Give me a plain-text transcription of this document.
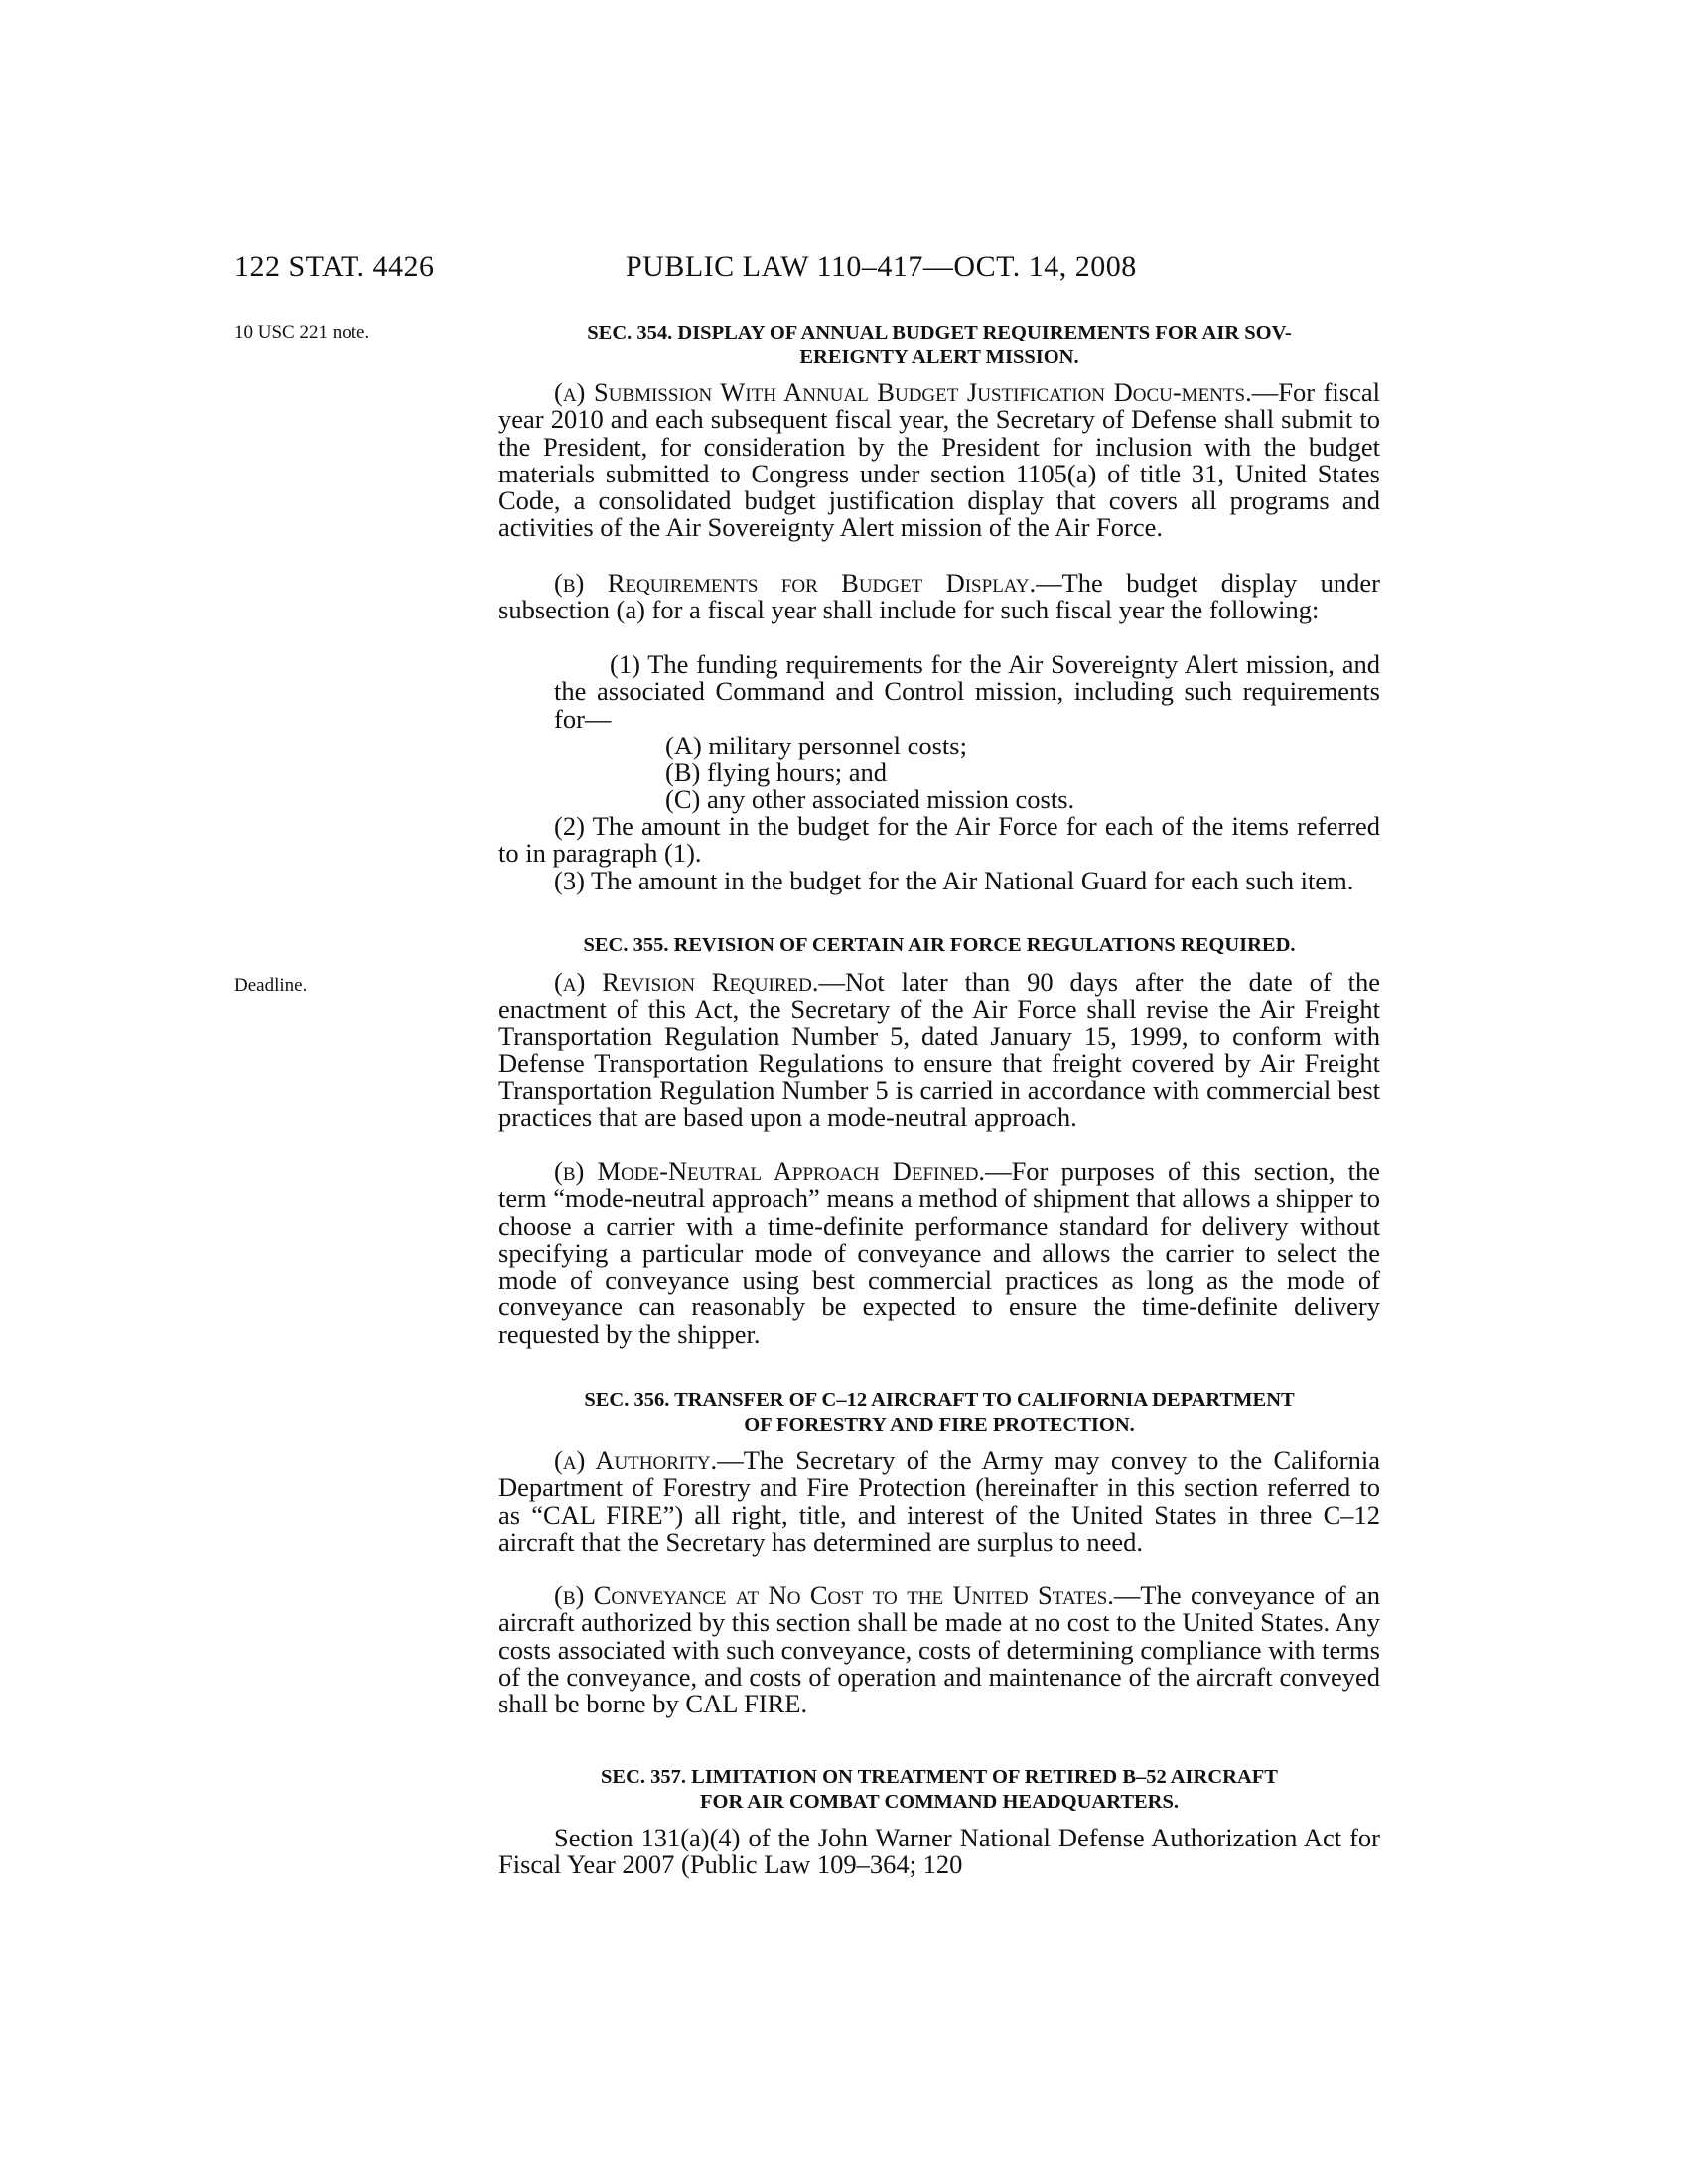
122 STAT. 4426	PUBLIC LAW 110–417—OCT. 14, 2008
10 USC 221 note.
Deadline.
SEC. 354. DISPLAY OF ANNUAL BUDGET REQUIREMENTS FOR AIR SOV-
EREIGNTY ALERT MISSION.
(a) Submission With Annual Budget Justification Docu-ments.—For fiscal year 2010 and each subsequent fiscal year, the Secretary of Defense shall submit to the President, for consideration by the President for inclusion with the budget materials submitted to Congress under section 1105(a) of title 31, United States Code, a consolidated budget justification display that covers all programs and activities of the Air Sovereignty Alert mission of the Air Force.
(b) Requirements for Budget Display.—The budget display under subsection (a) for a fiscal year shall include for such fiscal year the following:
(1) The funding requirements for the Air Sovereignty Alert mission, and the associated Command and Control mission, including such requirements for—
(A) military personnel costs;
(B) flying hours; and
(C) any other associated mission costs.
(2) The amount in the budget for the Air Force for each of the items referred to in paragraph (1).
(3) The amount in the budget for the Air National Guard for each such item.
SEC. 355. REVISION OF CERTAIN AIR FORCE REGULATIONS REQUIRED.
(a) Revision Required.—Not later than 90 days after the date of the enactment of this Act, the Secretary of the Air Force shall revise the Air Freight Transportation Regulation Number 5, dated January 15, 1999, to conform with Defense Transportation Regulations to ensure that freight covered by Air Freight Transportation Regulation Number 5 is carried in accordance with commercial best practices that are based upon a mode-neutral approach.
(b) Mode-Neutral Approach Defined.—For purposes of this section, the term “mode-neutral approach” means a method of shipment that allows a shipper to choose a carrier with a time-definite performance standard for delivery without specifying a particular mode of conveyance and allows the carrier to select the mode of conveyance using best commercial practices as long as the mode of conveyance can reasonably be expected to ensure the time-definite delivery requested by the shipper.
SEC. 356. TRANSFER OF C–12 AIRCRAFT TO CALIFORNIA DEPARTMENT
OF FORESTRY AND FIRE PROTECTION.
(a) Authority.—The Secretary of the Army may convey to the California Department of Forestry and Fire Protection (hereinafter in this section referred to as “CAL FIRE”) all right, title, and interest of the United States in three C–12 aircraft that the Secretary has determined are surplus to need.
(b) Conveyance at No Cost to the United States.—The conveyance of an aircraft authorized by this section shall be made at no cost to the United States. Any costs associated with such conveyance, costs of determining compliance with terms of the conveyance, and costs of operation and maintenance of the aircraft conveyed shall be borne by CAL FIRE.
SEC. 357. LIMITATION ON TREATMENT OF RETIRED B–52 AIRCRAFT
FOR AIR COMBAT COMMAND HEADQUARTERS.
Section 131(a)(4) of the John Warner National Defense Authorization Act for Fiscal Year 2007 (Public Law 109–364; 120
